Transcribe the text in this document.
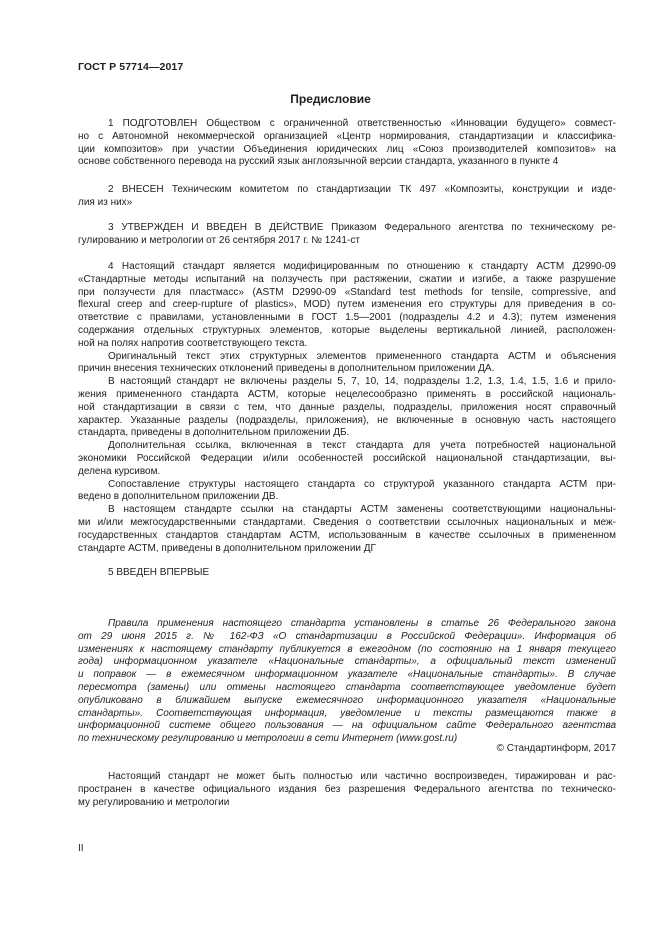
ГОСТ Р 57714—2017
Предисловие
1 ПОДГОТОВЛЕН Обществом с ограниченной ответственностью «Инновации будущего» совмест-
но с Автономной некоммерческой организацией «Центр нормирования, стандартизации и классифика-
ции композитов» при участии Объединения юридических лиц «Союз производителей композитов» на
основе собственного перевода на русский язык англоязычной версии стандарта, указанного в пункте 4
2 ВНЕСЕН Техническим комитетом по стандартизации ТК 497 «Композиты, конструкции и изде-
лия из них»
3 УТВЕРЖДЕН И ВВЕДЕН В ДЕЙСТВИЕ Приказом Федерального агентства по техническому ре-
гулированию и метрологии от 26 сентября 2017 г. № 1241-ст
4 Настоящий стандарт является модифицированным по отношению к стандарту АСТМ Д2990-09
«Стандартные методы испытаний на ползучесть при растяжении, сжатии и изгибе, а также разрушение
при ползучести для пластмасс» (ASTM D2990-09 «Standard test methods for tensile, compressive, and
flexural creep and creep-rupture of plastics», MOD) путем изменения его структуры для приведения в со-
ответствие с правилами, установленными в ГОСТ 1.5—2001 (подразделы 4.2 и 4.3); путем изменения
содержания отдельных структурных элементов, которые выделены вертикальной линией, расположен-
ной на полях напротив соответствующего текста.
Оригинальный текст этих структурных элементов примененного стандарта АСТМ и объяснения
причин внесения технических отклонений приведены в дополнительном приложении ДА.
В настоящий стандарт не включены разделы 5, 7, 10, 14, подразделы 1.2, 1.3, 1.4, 1.5, 1.6 и прило-
жения примененного стандарта АСТМ, которые нецелесообразно применять в российской националь-
ной стандартизации в связи с тем, что данные разделы, подразделы, приложения носят справочный
характер. Указанные разделы (подразделы, приложения), не включенные в основную часть настоящего
стандарта, приведены в дополнительном приложении ДБ.
Дополнительная ссылка, включенная в текст стандарта для учета потребностей национальной
экономики Российской Федерации и/или особенностей российской национальной стандартизации, вы-
делена курсивом.
Сопоставление структуры настоящего стандарта со структурой указанного стандарта АСТМ при-
ведено в дополнительном приложении ДВ.
В настоящем стандарте ссылки на стандарты АСТМ заменены соответствующими национальны-
ми и/или межгосударственными стандартами. Сведения о соответствии ссылочных национальных и меж-
государственных стандартов стандартам АСТМ, использованным в качестве ссылочных в примененном
стандарте АСТМ, приведены в дополнительном приложении ДГ
5 ВВЕДЕН ВПЕРВЫЕ
Правила применения настоящего стандарта установлены в статье 26 Федерального закона
от 29 июня 2015 г. № 162-ФЗ «О стандартизации в Российской Федерации». Информация об
изменениях к настоящему стандарту публикуется в ежегодном (по состоянию на 1 января текущего
года) информационном указателе «Национальные стандарты», а официальный текст изменений
и поправок — в ежемесячном информационном указателе «Национальные стандарты». В случае
пересмотра (замены) или отмены настоящего стандарта соответствующее уведомление будет
опубликовано в ближайшем выпуске ежемесячного информационного указателя «Национальные
стандарты». Соответствующая информация, уведомление и тексты размещаются также в
информационной системе общего пользования — на официальном сайте Федерального агентства
по техническому регулированию и метрологии в сети Интернет (www.gost.ru)
© Стандартинформ, 2017
Настоящий стандарт не может быть полностью или частично воспроизведен, тиражирован и рас-
пространен в качестве официального издания без разрешения Федерального агентства по техническо-
му регулированию и метрологии
II
